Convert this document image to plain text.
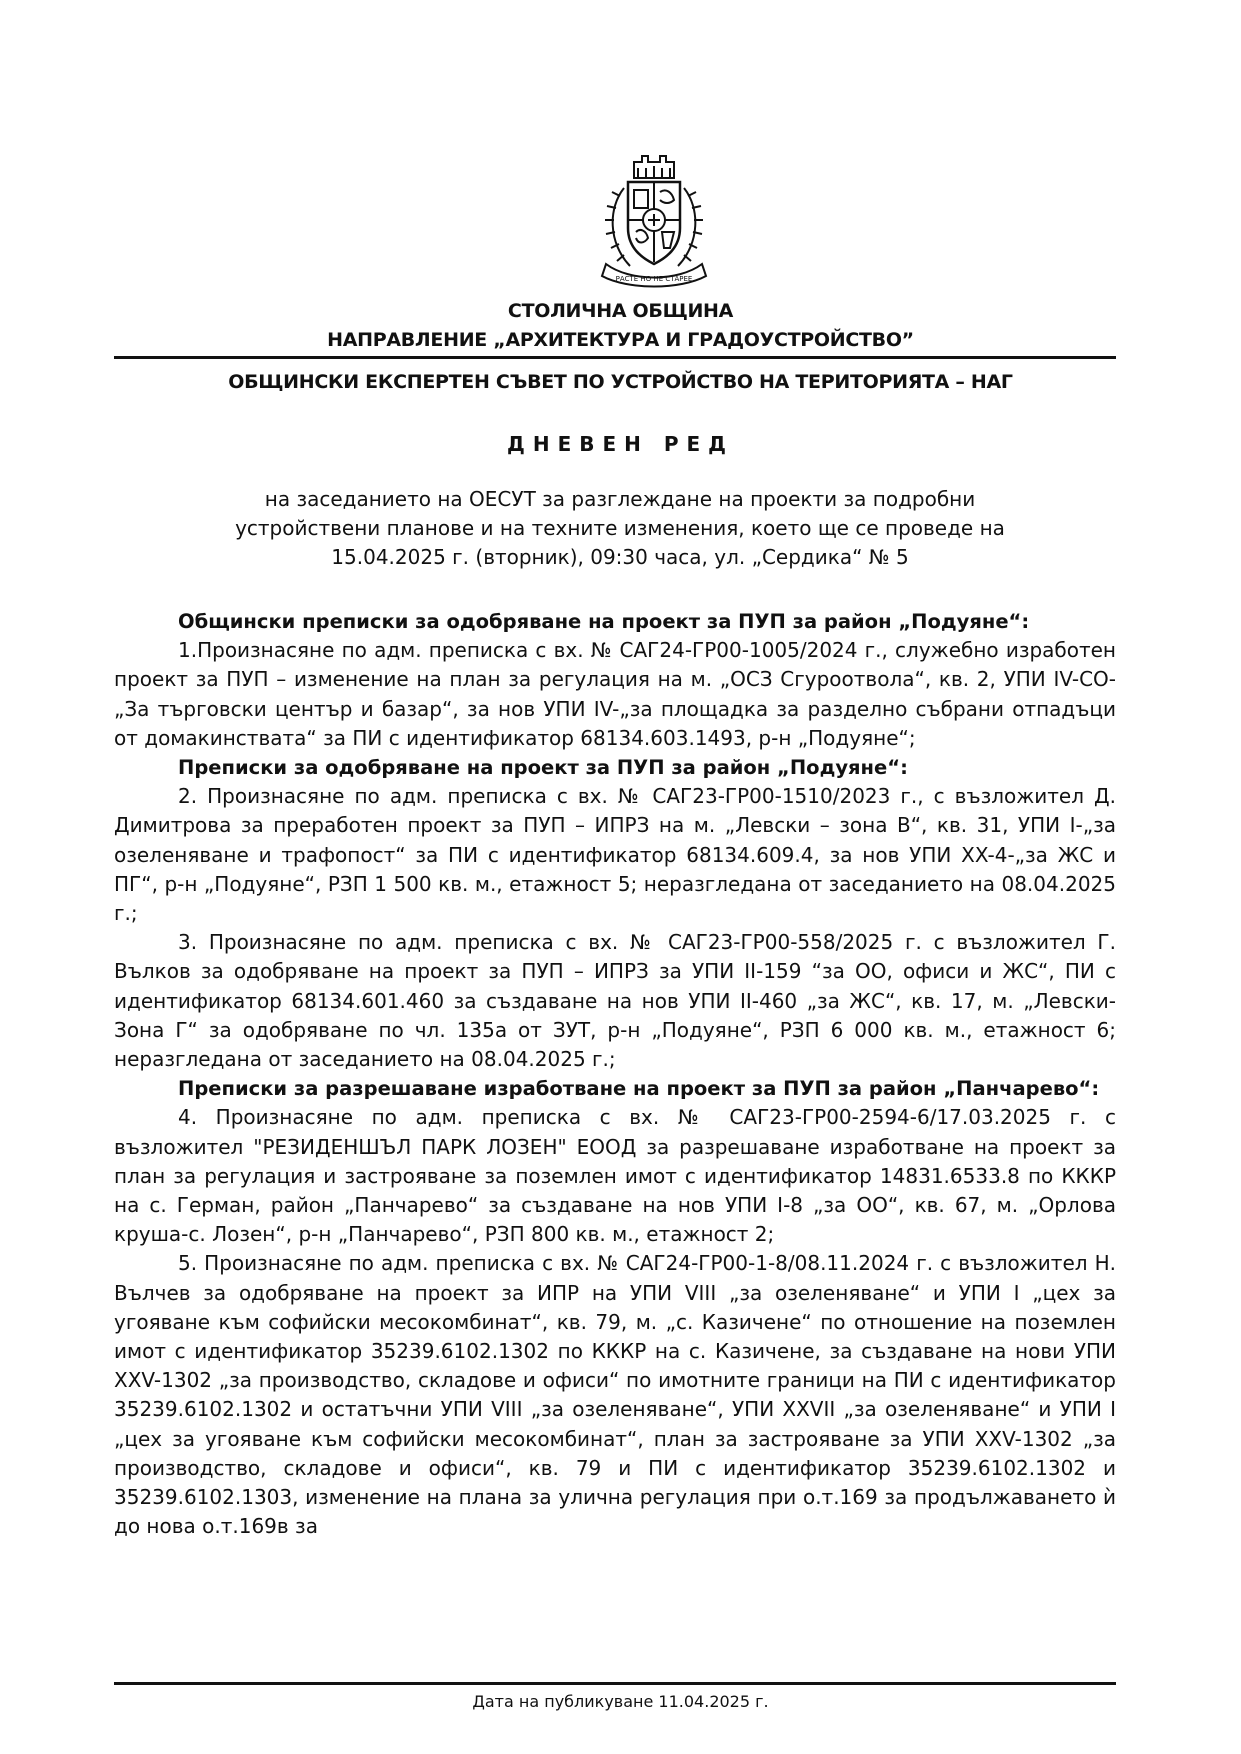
РАСТЕ НО НЕ СТАРЕЕ
СТОЛИЧНА ОБЩИНА
НАПРАВЛЕНИЕ „АРХИТЕКТУРА И ГРАДОУСТРОЙСТВО”
ОБЩИНСКИ ЕКСПЕРТЕН СЪВЕТ ПО УСТРОЙСТВО НА ТЕРИТОРИЯТА – НАГ
ДНЕВЕН РЕД
на заседанието на ОЕСУТ за разглеждане на проекти за подробни
устройствени планове и на техните изменения, което ще се проведе на
15.04.2025 г. (вторник), 09:30 часа, ул. „Сердика“ № 5
Общински преписки за одобряване на проект за ПУП за район „Подуяне“:

1.Произнасяне по адм. преписка с вх. № САГ24-ГР00-1005/2024 г., служебно изработен проект за ПУП – изменение на план за регулация на м. „ОСЗ Сгуроотвола“, кв. 2, УПИ IV-СО-„За търговски център и базар“, за нов УПИ IV-„за площадка за разделно събрани отпадъци от домакинствата“ за ПИ с идентификатор 68134.603.1493, р-н „Подуяне“;

Преписки за одобряване на проект за ПУП за район „Подуяне“:

2. Произнасяне по адм. преписка с вх. № САГ23-ГР00-1510/2023 г., с възложител Д. Димитрова за преработен проект за ПУП – ИПРЗ на м. „Левски – зона В“, кв. 31, УПИ I-„за озеленяване и трафопост“ за ПИ с идентификатор 68134.609.4, за нов УПИ XX-4-„за ЖС и ПГ“, р-н „Подуяне“, РЗП 1 500 кв. м., етажност 5; неразгледана от заседанието на 08.04.2025 г.;

3. Произнасяне по адм. преписка с вх. № САГ23-ГР00-558/2025 г. с възложител Г. Вълков за одобряване на проект за ПУП – ИПРЗ за УПИ II-159 “за ОО, офиси и ЖС“, ПИ с идентификатор 68134.601.460 за създаване на нов УПИ II-460 „за ЖС“, кв. 17, м. „Левски-Зона Г“ за одобряване по чл. 135а от ЗУТ, р-н „Подуяне“, РЗП 6 000 кв. м., етажност 6; неразгледана от заседанието на 08.04.2025 г.;

Преписки за разрешаване изработване на проект за ПУП за район „Панчарево“:

4. Произнасяне по адм. преписка с вх. № САГ23-ГР00-2594-6/17.03.2025 г. с възложител "РЕЗИДЕНШЪЛ ПАРК ЛОЗЕН" ЕООД за разрешаване изработване на проект за план за регулация и застрояване за поземлен имот с идентификатор 14831.6533.8 по КККР на с. Герман, район „Панчарево“ за създаване на нов УПИ I-8 „за ОО“, кв. 67, м. „Орлова круша-с. Лозен“, р-н „Панчарево“, РЗП 800 кв. м., етажност 2;

5. Произнасяне по адм. преписка с вх. № САГ24-ГР00-1-8/08.11.2024 г. с възложител Н. Вълчев за одобряване на проект за ИПР на УПИ VIII „за озеленяване“ и УПИ I „цех за угояване към софийски месокомбинат“, кв. 79, м. „с. Казичене“ по отношение на поземлен имот с идентификатор 35239.6102.1302 по КККР на с. Казичене, за създаване на нови УПИ XXV-1302 „за производство, складове и офиси“ по имотните граници на ПИ с идентификатор 35239.6102.1302 и остатъчни УПИ VIII „за озеленяване“, УПИ XXVII „за озеленяване“ и УПИ I „цех за угояване към софийски месокомбинат“, план за застрояване за УПИ XXV-1302 „за производство, складове и офиси“, кв. 79 и ПИ с идентификатор 35239.6102.1302 и 35239.6102.1303, изменение на плана за улична регулация при о.т.169 за продължаването ѝ до нова о.т.169в за

Дата на публикуване 11.04.2025 г.
